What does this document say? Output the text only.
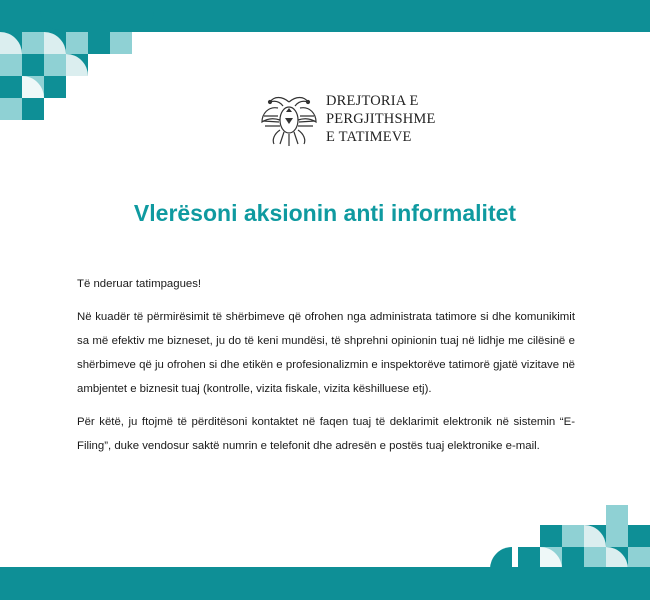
DREJTORIA E
PERGJITHSHME
E TATIMEVE
Vlerësoni aksionin anti informalitet

Të nderuar tatimpagues!

Në kuadër të përmirësimit të shërbimeve që ofrohen nga administrata tatimore si dhe komunikimit sa më efektiv me bizneset, ju do të keni mundësi, të shprehni opinionin tuaj në lidhje me cilësinë e shërbimeve që ju ofrohen si dhe etikën e profesionalizmin e inspektorëve tatimorë gjatë vizitave në ambjentet e biznesit tuaj (kontrolle, vizita fiskale, vizita këshilluese etj).

Për këtë, ju ftojmë të përditësoni kontaktet në faqen tuaj të deklarimit elektronik në sistemin “E-Filing”, duke vendosur saktë numrin e telefonit dhe adresën e postës tuaj elektronike e-mail.
